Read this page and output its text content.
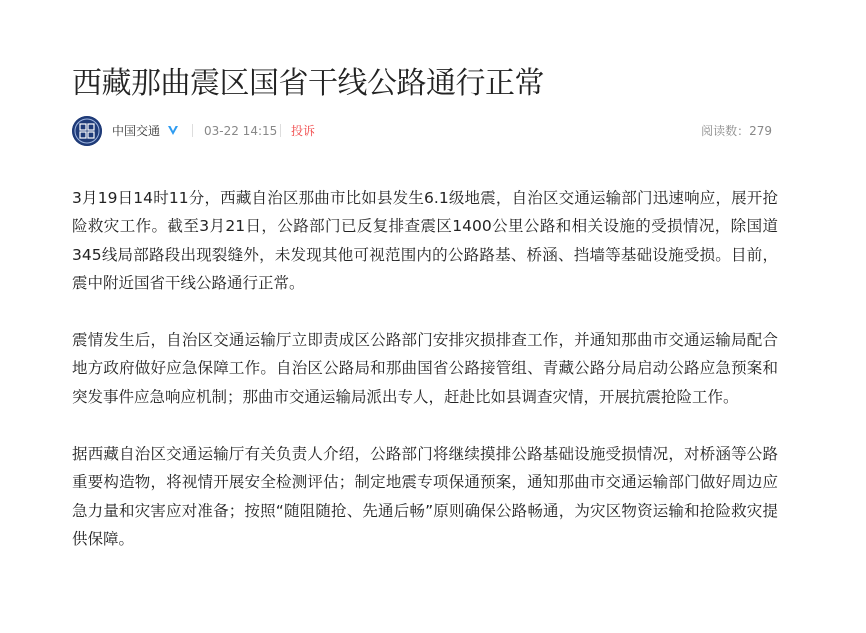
西藏那曲震区国省干线公路通行正常
中国交通	03-22 14:15 投诉	阅读数：279

3月19日14时11分，西藏自治区那曲市比如县发生6.1级地震，自治区交通运输部门迅速响应，展开抢险救灾工作。截至3月21日，公路部门已反复排查震区1400公里公路和相关设施的受损情况，除国道345线局部路段出现裂缝外，未发现其他可视范围内的公路路基、桥涵、挡墙等基础设施受损。目前，震中附近国省干线公路通行正常。

震情发生后，自治区交通运输厅立即责成区公路部门安排灾损排查工作，并通知那曲市交通运输局配合地方政府做好应急保障工作。自治区公路局和那曲国省公路接管组、青藏公路分局启动公路应急预案和突发事件应急响应机制；那曲市交通运输局派出专人，赶赴比如县调查灾情，开展抗震抢险工作。

据西藏自治区交通运输厅有关负责人介绍，公路部门将继续摸排公路基础设施受损情况，对桥涵等公路重要构造物，将视情开展安全检测评估；制定地震专项保通预案，通知那曲市交通运输部门做好周边应急力量和灾害应对准备；按照“随阻随抢、先通后畅”原则确保公路畅通，为灾区物资运输和抢险救灾提供保障。
